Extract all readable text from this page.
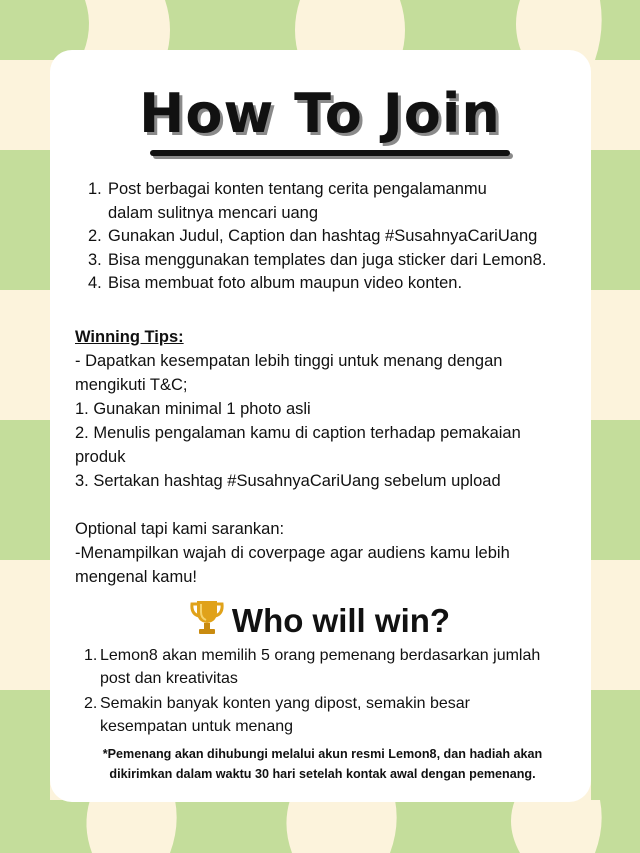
How To Join
1. Post berbagai konten tentang cerita pengalamanmu
dalam sulitnya mencari uang
2. Gunakan Judul, Caption dan hashtag #SusahnyaCariUang
3. Bisa menggunakan templates dan juga sticker dari Lemon8.
4. Bisa membuat foto album maupun video konten.

Winning Tips:

- Dapatkan kesempatan lebih tinggi untuk menang dengan

mengikuti T&C;

1. Gunakan minimal 1 photo asli

2. Menulis pengalaman kamu di caption terhadap pemakaian

produk

3. Sertakan hashtag #SusahnyaCariUang sebelum upload

Optional tapi kami sarankan:

-Menampilkan wajah di coverpage agar audiens kamu lebih

mengenal kamu!

Who will win?
1. Lemon8 akan memilih 5 orang pemenang berdasarkan jumlah
post dan kreativitas
2. Semakin banyak konten yang dipost, semakin besar
kesempatan untuk menang
*Pemenang akan dihubungi melalui akun resmi Lemon8, dan hadiah akan
dikirimkan dalam waktu 30 hari setelah kontak awal dengan pemenang.
